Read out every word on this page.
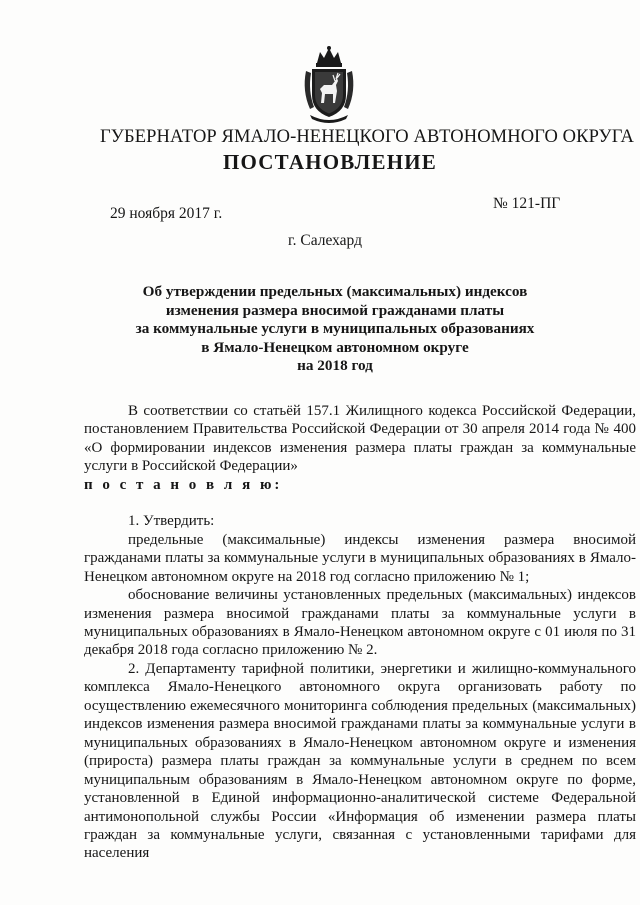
ГУБЕРНАТОР ЯМАЛО-НЕНЕЦКОГО АВТОНОМНОГО ОКРУГА
ПОСТАНОВЛЕНИЕ
29 ноября 2017 г.
№ 121-ПГ
г. Салехард
Об утверждении предельных (максимальных) индексов
изменения размера вносимой гражданами платы
за коммунальные услуги в муниципальных образованиях
в Ямало-Ненецком автономном округе
на 2018 год
В соответствии со статьёй 157.1 Жилищного кодекса Российской Федерации, постановлением Правительства Российской Федерации от 30 апреля 2014 года № 400 «О формировании индексов изменения размера платы граждан за коммунальные услуги в Российской Федерации»
п о с т а н о в л я ю:
1. Утвердить:
предельные (максимальные) индексы изменения размера вносимой гражданами платы за коммунальные услуги в муниципальных образованиях в Ямало-Ненецком автономном округе на 2018 год согласно приложению № 1;
обоснование величины установленных предельных (максимальных) индексов изменения размера вносимой гражданами платы за коммунальные услуги в муниципальных образованиях в Ямало-Ненецком автономном округе с 01 июля по 31 декабря 2018 года согласно приложению № 2.
2. Департаменту тарифной политики, энергетики и жилищно-коммунального комплекса Ямало-Ненецкого автономного округа организовать работу по осуществлению ежемесячного мониторинга соблюдения предельных (максимальных) индексов изменения размера вносимой гражданами платы за коммунальные услуги в муниципальных образованиях в Ямало-Ненецком автономном округе и изменения (прироста) размера платы граждан за коммунальные услуги в среднем по всем муниципальным образованиям в Ямало-Ненецком автономном округе по форме, установленной в Единой информационно-аналитической системе Федеральной антимонопольной службы России «Информация об изменении размера платы граждан за коммунальные услуги, связанная с установленными тарифами для населения
